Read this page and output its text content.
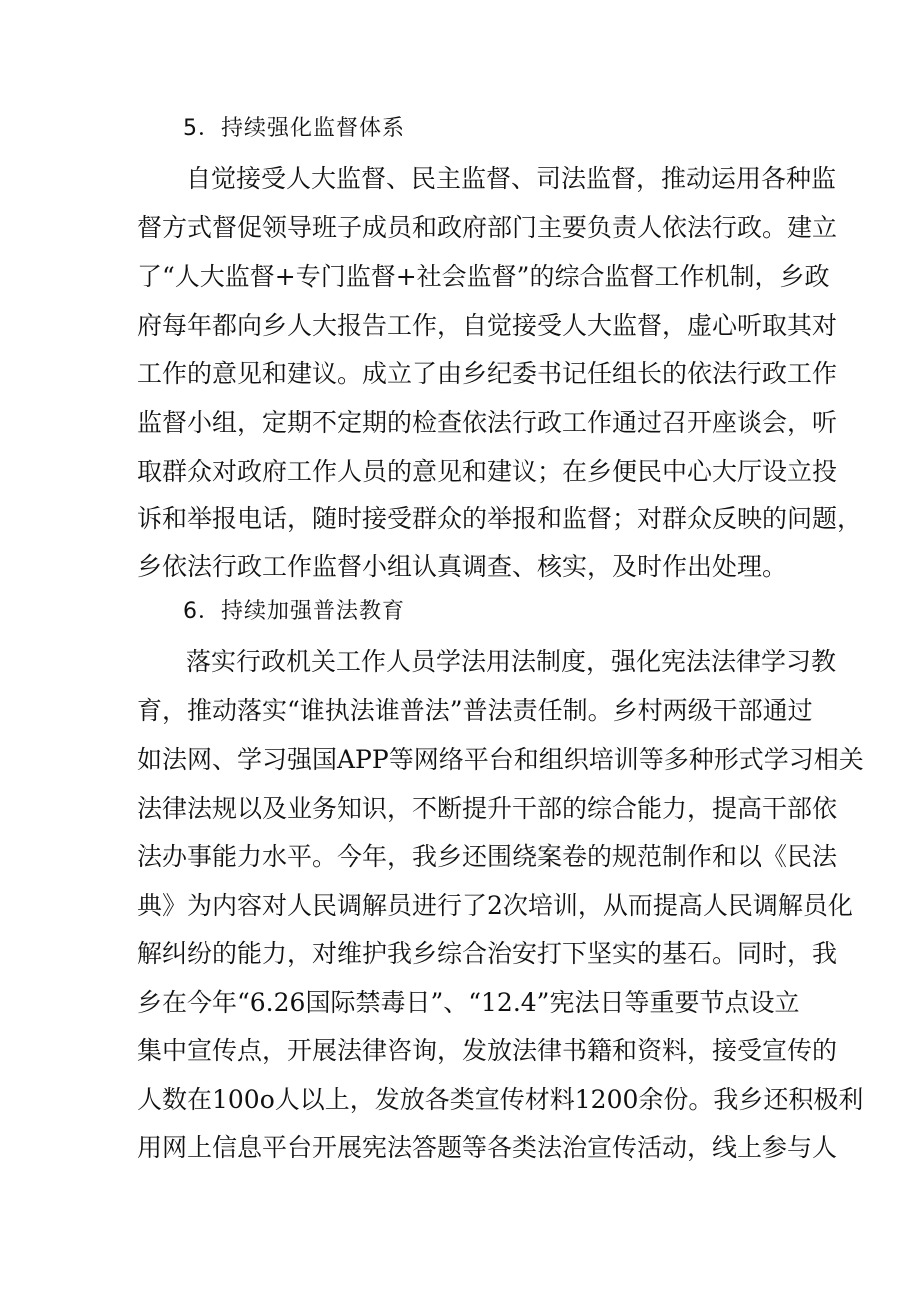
5．持续强化监督体系
自觉接受人大监督、民主监督、司法监督，推动运用各种监
督方式督促领导班子成员和政府部门主要负责人依法行政。建立
了“人大监督+专门监督+社会监督”的综合监督工作机制，乡政
府每年都向乡人大报告工作，自觉接受人大监督，虚心听取其对
工作的意见和建议。成立了由乡纪委书记任组长的依法行政工作
监督小组，定期不定期的检查依法行政工作通过召开座谈会，听
取群众对政府工作人员的意见和建议；在乡便民中心大厅设立投
诉和举报电话，随时接受群众的举报和监督；对群众反映的问题，
乡依法行政工作监督小组认真调查、核实，及时作出处理。
6．持续加强普法教育
落实行政机关工作人员学法用法制度，强化宪法法律学习教
育，推动落实“谁执法谁普法”普法责任制。乡村两级干部通过
如法网、学习强国APP等网络平台和组织培训等多种形式学习相关
法律法规以及业务知识，不断提升干部的综合能力，提高干部依
法办事能力水平。今年，我乡还围绕案卷的规范制作和以《民法
典》为内容对人民调解员进行了2次培训，从而提高人民调解员化
解纠纷的能力，对维护我乡综合治安打下坚实的基石。同时，我
乡在今年“6.26国际禁毒日”、“12.4”宪法日等重要节点设立
集中宣传点，开展法律咨询，发放法律书籍和资料，接受宣传的
人数在100o人以上，发放各类宣传材料1200余份。我乡还积极利
用网上信息平台开展宪法答题等各类法治宣传活动，线上参与人
